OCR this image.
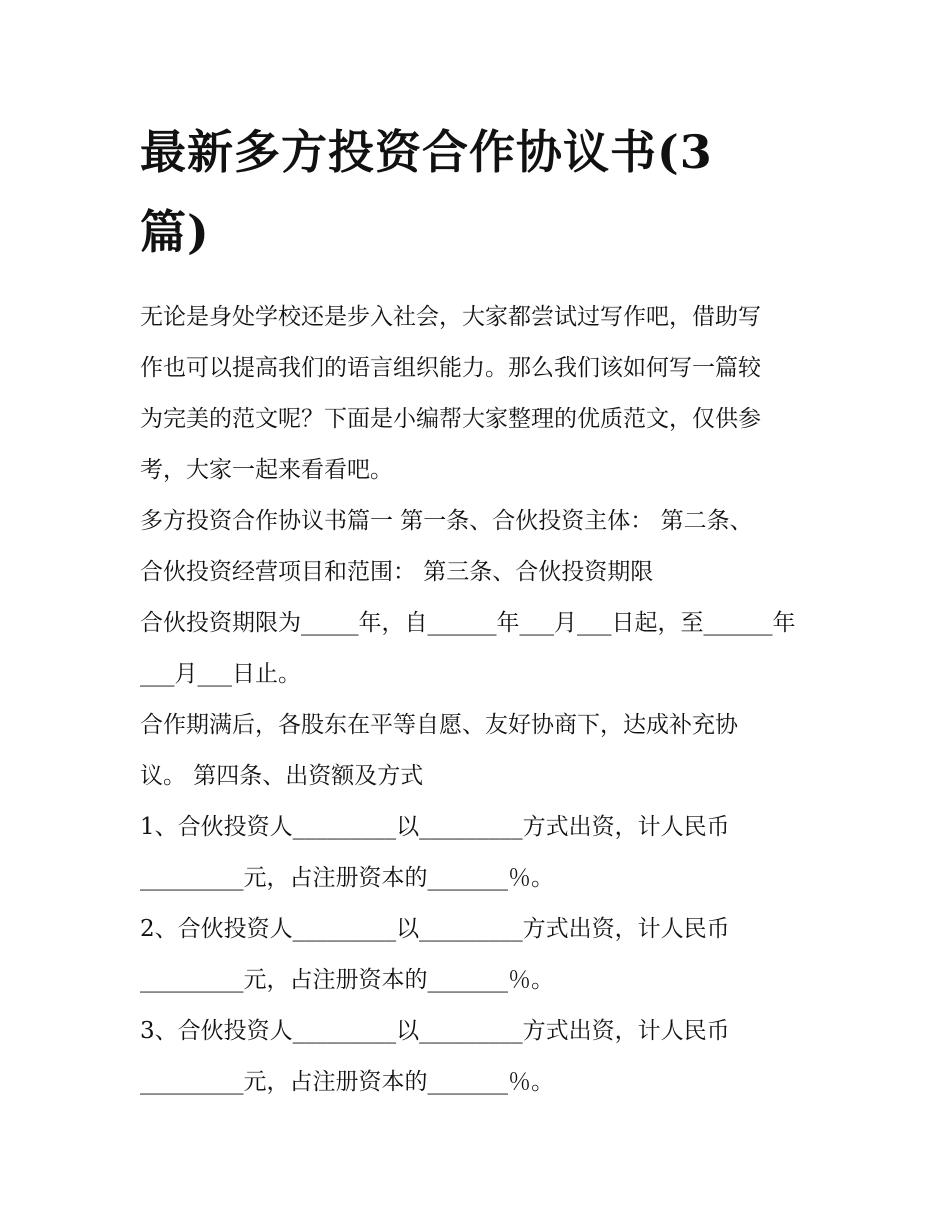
最新多方投资合作协议书(3
篇)

无论是身处学校还是步入社会，大家都尝试过写作吧，借助写
作也可以提高我们的语言组织能力。那么我们该如何写一篇较
为完美的范文呢？下面是小编帮大家整理的优质范文，仅供参
考，大家一起来看看吧。

多方投资合作协议书篇一 第一条、合伙投资主体： 第二条、
合伙投资经营项目和范围： 第三条、合伙投资期限

合伙投资期限为_____年，自______年___月___日起，至______年
___月___日止。

合作期满后，各股东在平等自愿、友好协商下，达成补充协
议。 第四条、出资额及方式

1、合伙投资人_________以_________方式出资，计人民币
_________元，占注册资本的_______％。

2、合伙投资人_________以_________方式出资，计人民币
_________元，占注册资本的_______％。

3、合伙投资人_________以_________方式出资，计人民币
_________元，占注册资本的_______％。
